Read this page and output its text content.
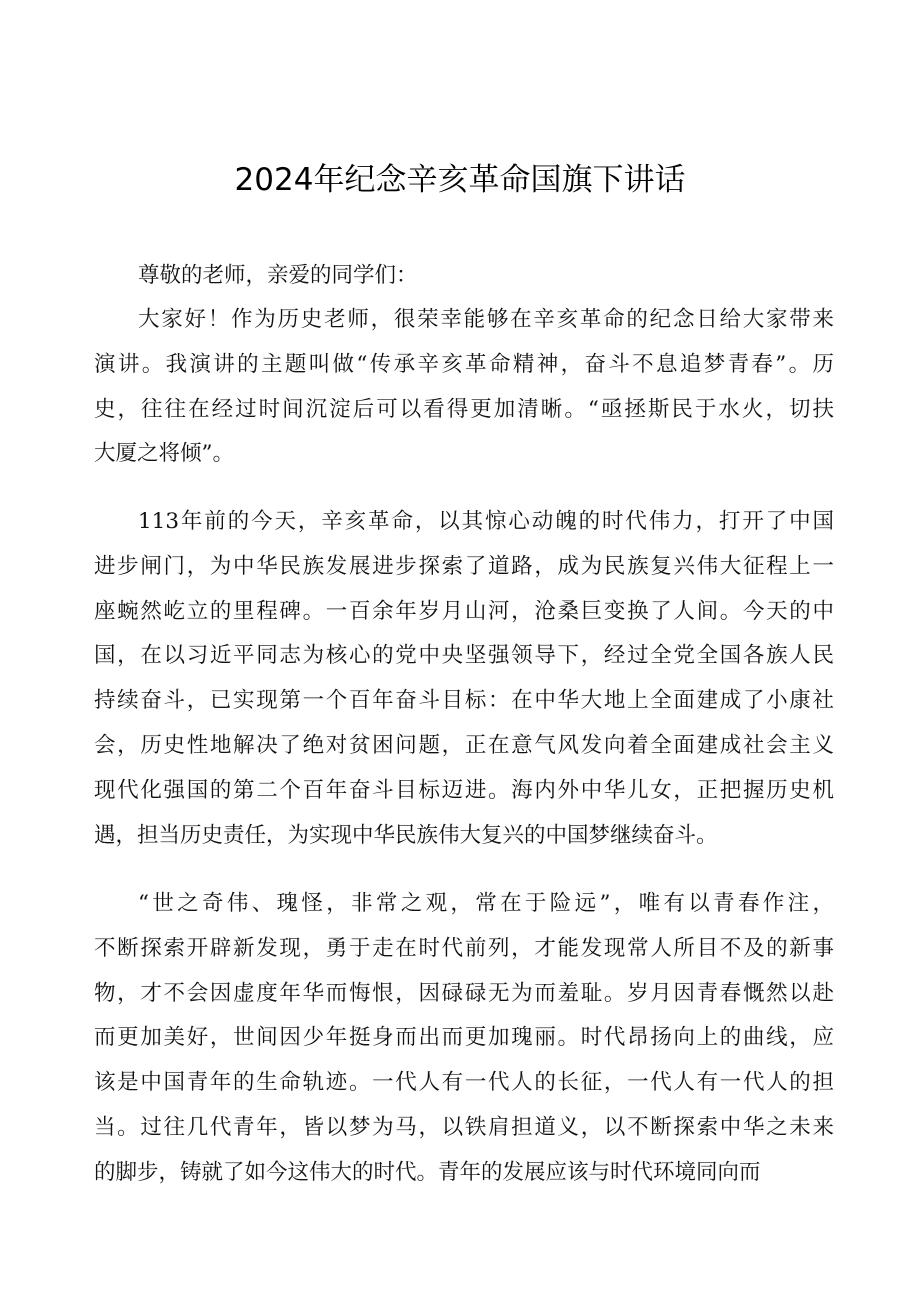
2024年纪念辛亥革命国旗下讲话

尊敬的老师，亲爱的同学们：

大家好！作为历史老师，很荣幸能够在辛亥革命的纪念日给大家带来
演讲。我演讲的主题叫做“传承辛亥革命精神，奋斗不息追梦青春”。历
史，往往在经过时间沉淀后可以看得更加清晰。“亟拯斯民于水火，切扶
大厦之将倾”。

113年前的今天，辛亥革命，以其惊心动魄的时代伟力，打开了中国
进步闸门，为中华民族发展进步探索了道路，成为民族复兴伟大征程上一
座蜿然屹立的里程碑。一百余年岁月山河，沧桑巨变换了人间。今天的中
国，在以习近平同志为核心的党中央坚强领导下，经过全党全国各族人民
持续奋斗，已实现第一个百年奋斗目标：在中华大地上全面建成了小康社
会，历史性地解决了绝对贫困问题，正在意气风发向着全面建成社会主义
现代化强国的第二个百年奋斗目标迈进。海内外中华儿女，正把握历史机
遇，担当历史责任，为实现中华民族伟大复兴的中国梦继续奋斗。

“世之奇伟、瑰怪，非常之观，常在于险远”，唯有以青春作注，
不断探索开辟新发现，勇于走在时代前列，才能发现常人所目不及的新事
物，才不会因虚度年华而悔恨，因碌碌无为而羞耻。岁月因青春慨然以赴
而更加美好，世间因少年挺身而出而更加瑰丽。时代昂扬向上的曲线，应
该是中国青年的生命轨迹。一代人有一代人的长征，一代人有一代人的担
当。过往几代青年，皆以梦为马，以铁肩担道义，以不断探索中华之未来
的脚步，铸就了如今这伟大的时代。青年的发展应该与时代环境同向而
